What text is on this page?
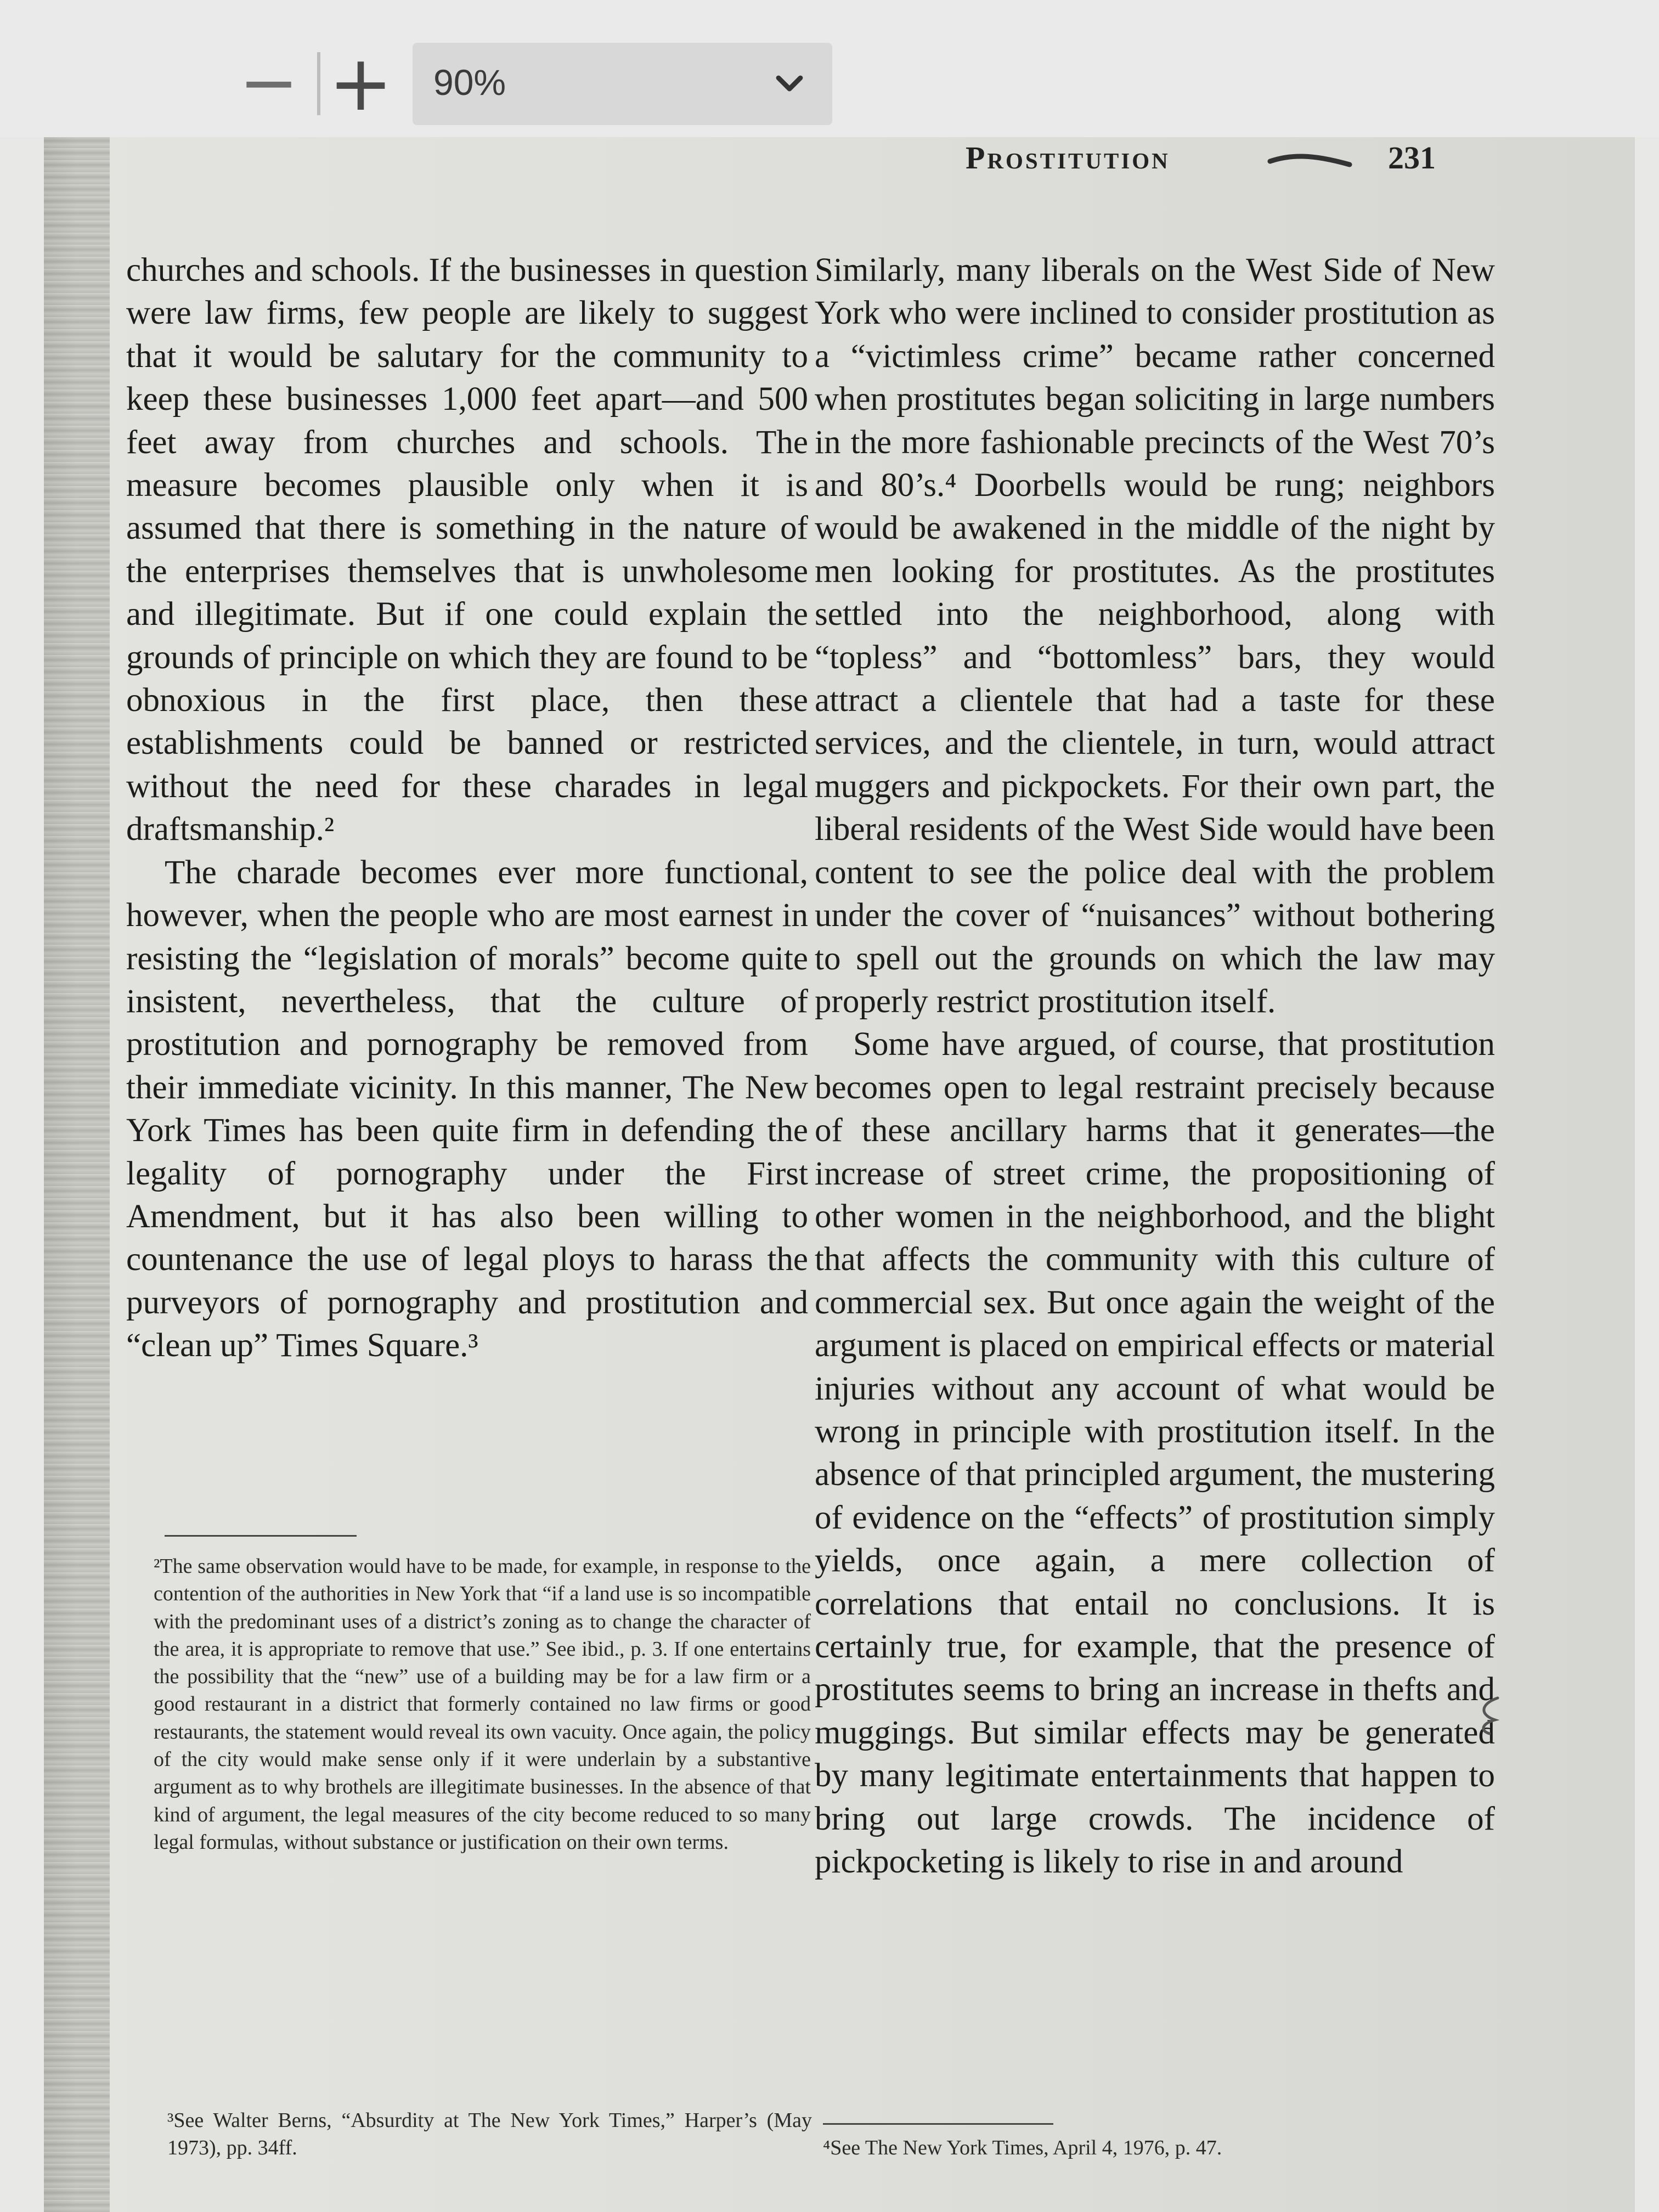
− + 90%
Prostitution	231

churches and schools. If the businesses in question were law firms, few people are likely to suggest that it would be salutary for the community to keep these businesses 1,000 feet apart—and 500 feet away from churches and schools. The measure becomes plausible only when it is assumed that there is something in the nature of the enterprises themselves that is unwholesome and illegitimate. But if one could explain the grounds of principle on which they are found to be obnoxious in the first place, then these establishments could be banned or restricted without the need for these charades in legal draftsmanship.²

The charade becomes ever more functional, however, when the people who are most earnest in resisting the “legislation of morals” become quite insistent, nevertheless, that the culture of prostitution and pornography be removed from their immediate vicinity. In this manner, The New York Times has been quite firm in defending the legality of pornography under the First Amendment, but it has also been willing to countenance the use of legal ploys to harass the purveyors of pornography and prostitution and “clean up” Times Square.³

Similarly, many liberals on the West Side of New York who were inclined to consider prostitution as a “victimless crime” became rather concerned when prostitutes began soliciting in large numbers in the more fashionable precincts of the West 70’s and 80’s.⁴ Doorbells would be rung; neighbors would be awakened in the middle of the night by men looking for prostitutes. As the prostitutes settled into the neighborhood, along with “topless” and “bottomless” bars, they would attract a clientele that had a taste for these services, and the clientele, in turn, would attract muggers and pickpockets. For their own part, the liberal residents of the West Side would have been content to see the police deal with the problem under the cover of “nuisances” without bothering to spell out the grounds on which the law may properly restrict prostitution itself.

Some have argued, of course, that prostitution becomes open to legal restraint precisely because of these ancillary harms that it generates—the increase of street crime, the propositioning of other women in the neighborhood, and the blight that affects the community with this culture of commercial sex. But once again the weight of the argument is placed on empirical effects or material injuries without any account of what would be wrong in principle with prostitution itself. In the absence of that principled argument, the mustering of evidence on the “effects” of prostitution simply yields, once again, a mere collection of correlations that entail no conclusions. It is certainly true, for example, that the presence of prostitutes seems to bring an increase in thefts and muggings. But similar effects may be generated by many legitimate entertainments that happen to bring out large crowds. The incidence of pickpocketing is likely to rise in and around

²The same observation would have to be made, for example, in response to the contention of the authorities in New York that “if a land use is so incompatible with the predominant uses of a district’s zoning as to change the character of the area, it is appropriate to remove that use.” See ibid., p. 3. If one entertains the possibility that the “new” use of a building may be for a law firm or a good restaurant in a district that formerly contained no law firms or good restaurants, the statement would reveal its own vacuity. Once again, the policy of the city would make sense only if it were underlain by a substantive argument as to why brothels are illegitimate businesses. In the absence of that kind of argument, the legal measures of the city become reduced to so many legal formulas, without substance or justification on their own terms.
³See Walter Berns, “Absurdity at The New York Times,” Harper’s (May 1973), pp. 34ff.	⁴See The New York Times, April 4, 1976, p. 47.
